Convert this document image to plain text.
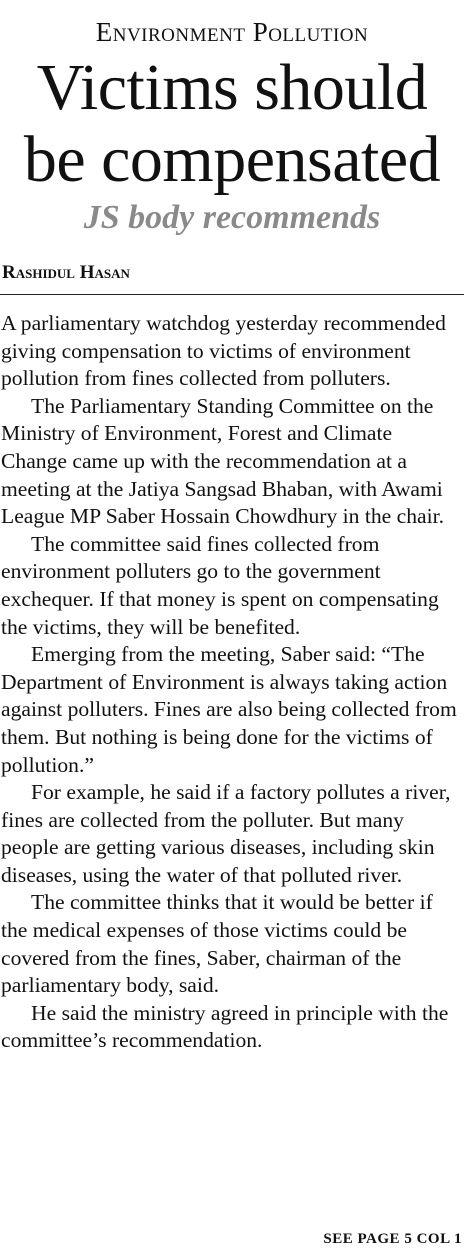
Environment Pollution
Victims should be compensated
JS body recommends
Rashidul Hasan

A parliamentary watchdog yesterday recommended giving compensation to victims of environment pollution from fines collected from polluters.

The Parliamentary Standing Committee on the Ministry of Environment, Forest and Climate Change came up with the recommendation at a meeting at the Jatiya Sangsad Bhaban, with Awami League MP Saber Hossain Chowdhury in the chair.

The committee said fines collected from environment polluters go to the government exchequer. If that money is spent on compensating the victims, they will be benefited.

Emerging from the meeting, Saber said: “The Department of Environment is always taking action against polluters. Fines are also being collected from them. But nothing is being done for the victims of pollution.”

For example, he said if a factory pollutes a river, fines are collected from the polluter. But many people are getting various diseases, including skin diseases, using the water of that polluted river.

The committee thinks that it would be better if the medical expenses of those victims could be covered from the fines, Saber, chairman of the parliamentary body, said.

He said the ministry agreed in principle with the committee’s recommendation.

SEE PAGE 5 COL 1
